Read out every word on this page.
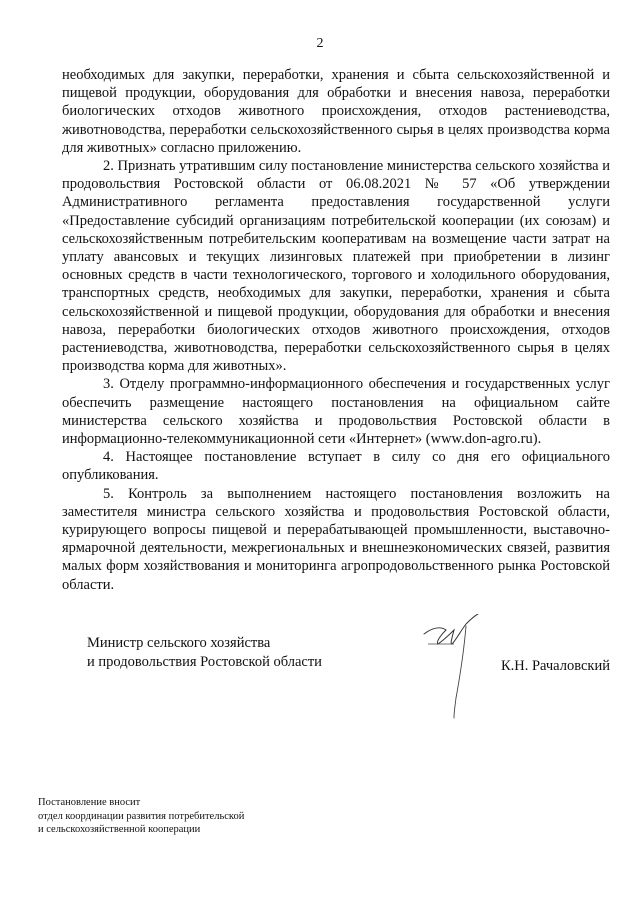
2

необходимых для закупки, переработки, хранения и сбыта сельскохозяйственной и пищевой продукции, оборудования для обработки и внесения навоза, переработки биологических отходов животного происхождения, отходов растениеводства, животноводства, переработки сельскохозяйственного сырья в целях производства корма для животных» согласно приложению.

2. Признать утратившим силу постановление министерства сельского хозяйства и продовольствия Ростовской области от 06.08.2021 № 57 «Об утверждении Административного регламента предоставления государственной услуги «Предоставление субсидий организациям потребительской кооперации (их союзам) и сельскохозяйственным потребительским кооперативам на возмещение части затрат на уплату авансовых и текущих лизинговых платежей при приобретении в лизинг основных средств в части технологического, торгового и холодильного оборудования, транспортных средств, необходимых для закупки, переработки, хранения и сбыта сельскохозяйственной и пищевой продукции, оборудования для обработки и внесения навоза, переработки биологических отходов животного происхождения, отходов растениеводства, животноводства, переработки сельскохозяйственного сырья в целях производства корма для животных».

3. Отделу программно-информационного обеспечения и государственных услуг обеспечить размещение настоящего постановления на официальном сайте министерства сельского хозяйства и продовольствия Ростовской области в информационно-телекоммуникационной сети «Интернет» (www.don-agro.ru).

4. Настоящее постановление вступает в силу со дня его официального опубликования.

5. Контроль за выполнением настоящего постановления возложить на заместителя министра сельского хозяйства и продовольствия Ростовской области, курирующего вопросы пищевой и перерабатывающей промышленности, выставочно-ярмарочной деятельности, межрегиональных и внешнеэкономических связей, развития малых форм хозяйствования и мониторинга агропродовольственного рынка Ростовской области.

Министр сельского хозяйства
и продовольствия Ростовской области	К.Н. Рачаловский
Постановление вносит
отдел координации развития потребительской
и сельскохозяйственной кооперации
